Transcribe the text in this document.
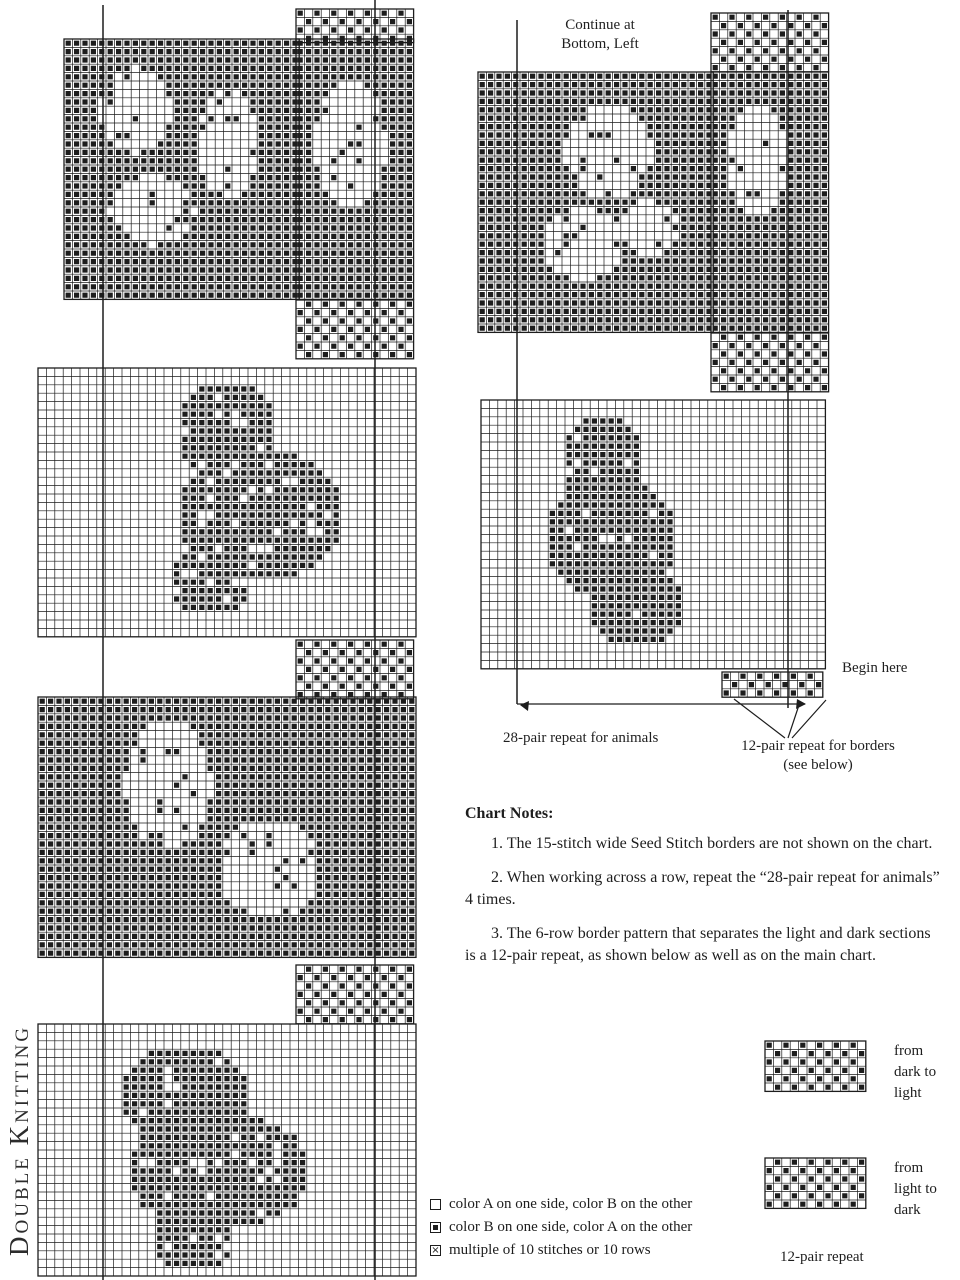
Continue at
Bottom, Left
Begin here
28-pair repeat for animals	12-pair repeat for borders
(see below)
Chart Notes:

1. The 15-stitch wide Seed Stitch borders are not shown on the chart.

2. When working across a row, repeat the “28-pair repeat for animals” 4 times.

3. The 6-row border pattern that separates the light and dark sections is a 12-pair repeat, as shown below as well as on the main chart.

from
dark to
light
from
light to
dark
12-pair repeat
color A on one side, color B on the other
color B on one side, color A on the other
× multiple of 10 stitches or 10 rows
Double Knitting
